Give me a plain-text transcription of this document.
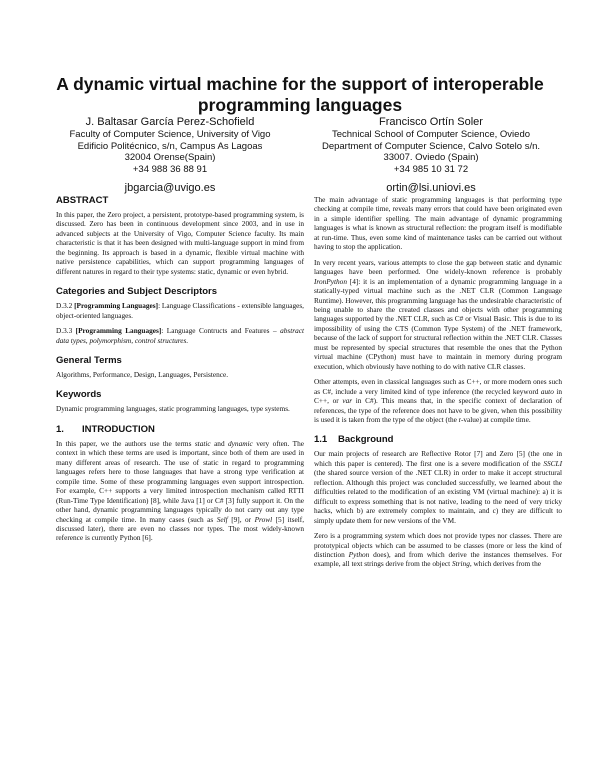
A dynamic virtual machine for the support of interoperable
programming languages
J. Baltasar García Perez-Schofield
Faculty of Computer Science, University of Vigo
Edificio Politécnico, s/n, Campus As Lagoas
32004 Orense(Spain)
+34 988 36 88 91
jbgarcia@uvigo.es
Francisco Ortín Soler
Technical School of Computer Science, Oviedo
Department of Computer Science, Calvo Sotelo s/n.
33007. Oviedo (Spain)
+34 985 10 31 72
ortin@lsi.uniovi.es
ABSTRACT

In this paper, the Zero project, a persistent, prototype-based programming system, is discussed. Zero has been in continuous development since 2003, and in use in advanced subjects at the University of Vigo, Computer Science faculty. Its main characteristic is that it has been designed with multi-language support in mind from the beginning. Its approach is based in a dynamic, flexible virtual machine with native persistence capabilities, which can support programming languages of different natures in regard to their type systems: static, dynamic or even hybrid.

Categories and Subject Descriptors

D.3.2 [Programming Languages]: Language Classifications - extensible languages, object-oriented languages.

D.3.3 [Programming Languages]: Language Contructs and Features – abstract data types, polymorphism, control structures.

General Terms

Algorithms, Performance, Design, Languages, Persistence.

Keywords

Dynamic programming languages, static programming languages, type systems.

1. INTRODUCTION

In this paper, we the authors use the terms static and dynamic very often. The context in which these terms are used is important, since both of them are used in many different areas of research. The use of static in regard to programming languages refers here to those languages that have a strong type verification at compile time. Some of these programming languages even support introspection. For example, C++ supports a very limited introspection mechanism called RTTI (Run-Time Type Identification) [8], while Java [1] or C# [3] fully support it. On the other hand, dynamic programming languages typically do not carry out any type checking at compile time. In many cases (such as Self [9], or Prowl [5] itself, discussed later), there are even no classes nor types. The most widely-known reference is currently Python [6].

The main advantage of static programming languages is that performing type checking at compile time, reveals many errors that could have been originated even in a simple identifier spelling. The main advantage of dynamic programming languages is what is known as structural reflection: the program itself is modifiable at run-time. Thus, even some kind of maintenance tasks can be carried out without having to stop the application.

In very recent years, various attempts to close the gap between static and dynamic languages have been performed. One widely-known reference is probably IronPython [4]: it is an implementation of a dynamic programming language in a statically-typed virtual machine such as the .NET CLR (Common Language Runtime). However, this programming language has the undesirable characteristic of being unable to share the created classes and objects with other programming languages supported by the .NET CLR, such as C# or Visual Basic. This is due to its impossibility of using the CTS (Common Type System) of the .NET framework, because of the lack of support for structural reflection within the .NET CLR. Classes must be represented by special structures that resemble the ones that the Python virtual machine (CPython) must have to maintain in memory during program execution, which obviously have nothing to do with native CLR classes.

Other attempts, even in classical languages such as C++, or more modern ones such as C#, include a very limited kind of type inference (the recycled keyword auto in C++, or var in C#). This means that, in the specific context of declaration of references, the type of the reference does not have to be given, when this possibility is used it is taken from the type of the object (the r-value) at compile time.

1.1 Background

Our main projects of research are Reflective Rotor [7] and Zero [5] (the one in which this paper is centered). The first one is a severe modification of the SSCLI (the shared source version of the .NET CLR) in order to make it accept structural reflection. Although this project was concluded successfully, we learned about the difficulties related to the modification of an existing VM (virtual machine): a) it is difficult to express something that is not native, leading to the need of very tricky hacks, which b) are extremely complex to maintain, and c) they are difficult to simply update them for new versions of the VM.

Zero is a programming system which does not provide types nor classes. There are prototypical objects which can be assumed to be classes (more or less the kind of distinction Python does), and from which derive the instances themselves. For example, all text strings derive from the object String, which derives from the
